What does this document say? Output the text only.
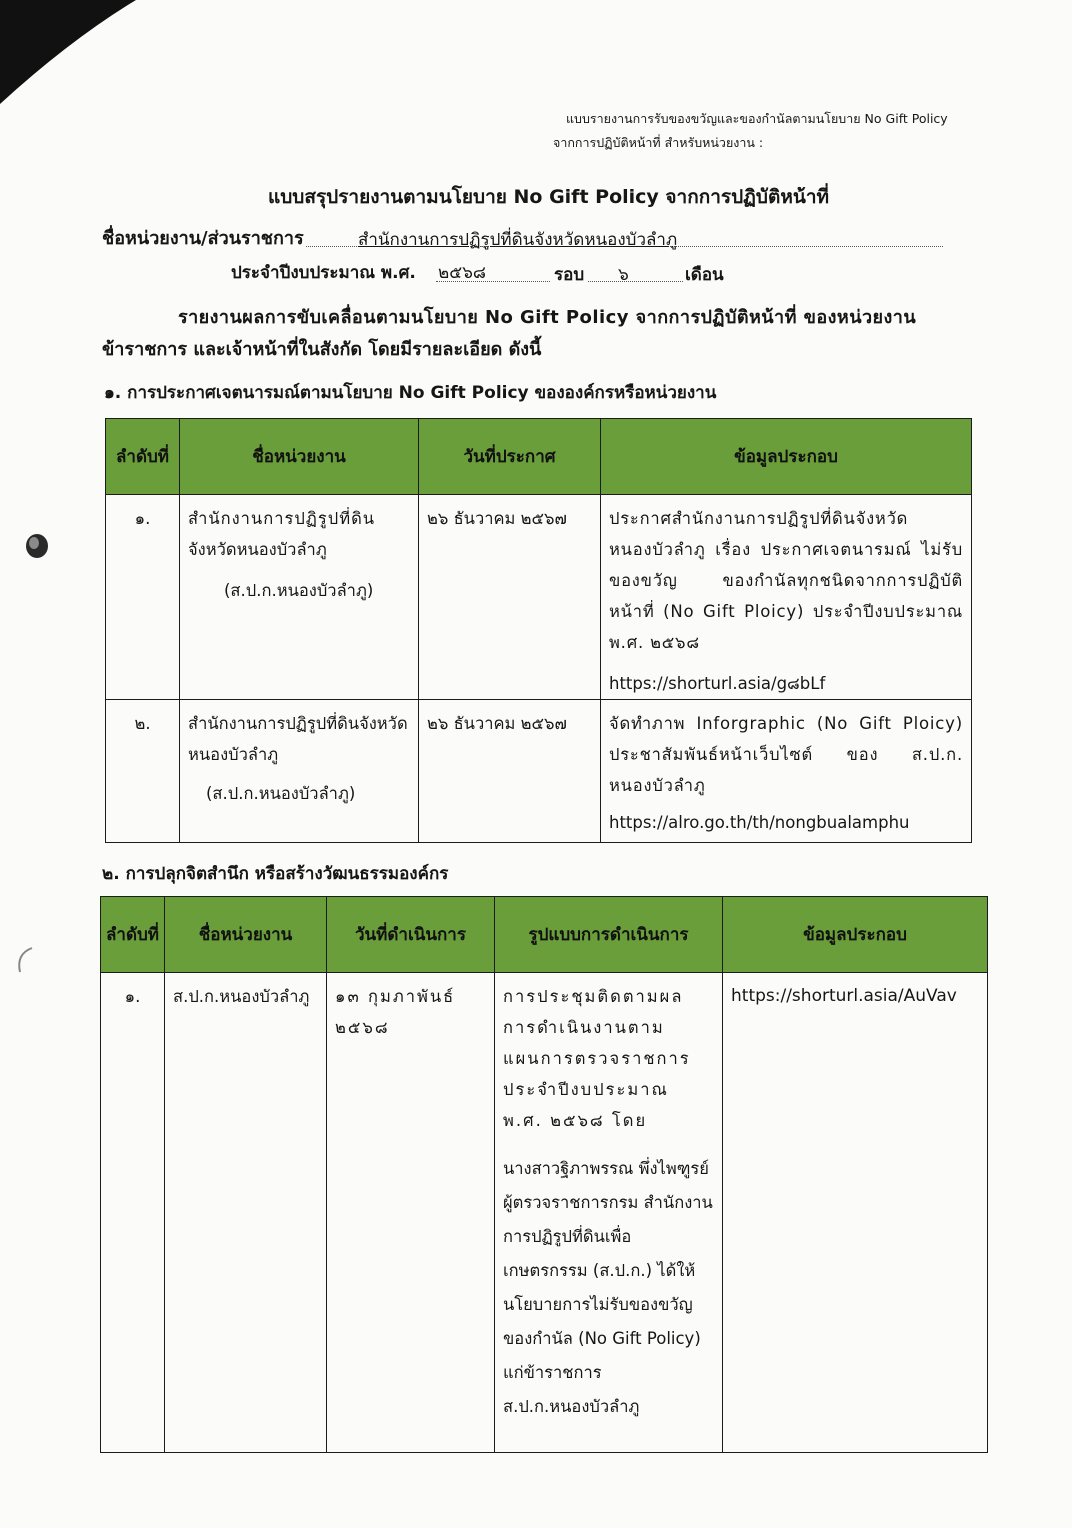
แบบรายงานการรับของขวัญและของกำนัลตามนโยบาย No Gift Policy
จากการปฏิบัติหน้าที่ สำหรับหน่วยงาน :
แบบสรุปรายงานตามนโยบาย No Gift Policy จากการปฏิบัติหน้าที่
ชื่อหน่วยงาน/ส่วนราชการ	สำนักงานการปฏิรูปที่ดินจังหวัดหนองบัวลำภู
ประจำปีงบประมาณ พ.ศ. ๒๕๖๘	รอบ ๖	เดือน
รายงานผลการขับเคลื่อนตามนโยบาย No Gift Policy จากการปฏิบัติหน้าที่ ของหน่วยงาน
ข้าราชการ และเจ้าหน้าที่ในสังกัด โดยมีรายละเอียด ดังนี้
๑. การประกาศเจตนารมณ์ตามนโยบาย No Gift Policy ขององค์กรหรือหน่วยงาน
ลำดับที่	ชื่อหน่วยงาน	วันที่ประกาศ	ข้อมูลประกอบ
๑.	สำนักงานการปฏิรูปที่ดิน
จังหวัดหนองบัวลำภู
(ส.ป.ก.หนองบัวลำภู)	๒๖ ธันวาคม ๒๕๖๗	ประกาศสำนักงานการปฏิรูปที่ดินจังหวัดหนองบัวลำภู เรื่อง ประกาศเจตนารมณ์ ไม่รับของขวัญ ของกำนัลทุกชนิดจากการปฏิบัติหน้าที่ (No Gift Ploicy) ประจำปีงบประมาณ พ.ศ. ๒๕๖๘
https://shorturl.asia/g๘bLf

๒.	สำนักงานการปฏิรูปที่ดินจังหวัด
หนองบัวลำภู
(ส.ป.ก.หนองบัวลำภู)	๒๖ ธันวาคม ๒๕๖๗	จัดทำภาพ Inforgraphic (No Gift Ploicy) ประชาสัมพันธ์หน้าเว็บไซต์ ของ ส.ป.ก. หนองบัวลำภู
https://alro.go.th/th/nongbualamphu
๒. การปลุกจิตสำนึก หรือสร้างวัฒนธรรมองค์กร
ลำดับที่	ชื่อหน่วยงาน	วันที่ดำเนินการ	รูปแบบการดำเนินการ	ข้อมูลประกอบ
๑.	ส.ป.ก.หนองบัวลำภู	๑๓ กุมภาพันธ์ ๒๕๖๘	การประชุมติดตามผลการดำเนินงานตามแผนการตรวจราชการ ประจำปีงบประมาณ พ.ศ. ๒๕๖๘ โดย
นางสาวฐิภาพรรณ พึ่งไพฑูรย์ ผู้ตรวจราชการกรม สำนักงานการปฏิรูปที่ดินเพื่อเกษตรกรรม (ส.ป.ก.) ได้ให้นโยบายการไม่รับของขวัญของกำนัล (No Gift Policy) แก่ข้าราชการ ส.ป.ก.หนองบัวลำภู	https://shorturl.asia/AuVav
